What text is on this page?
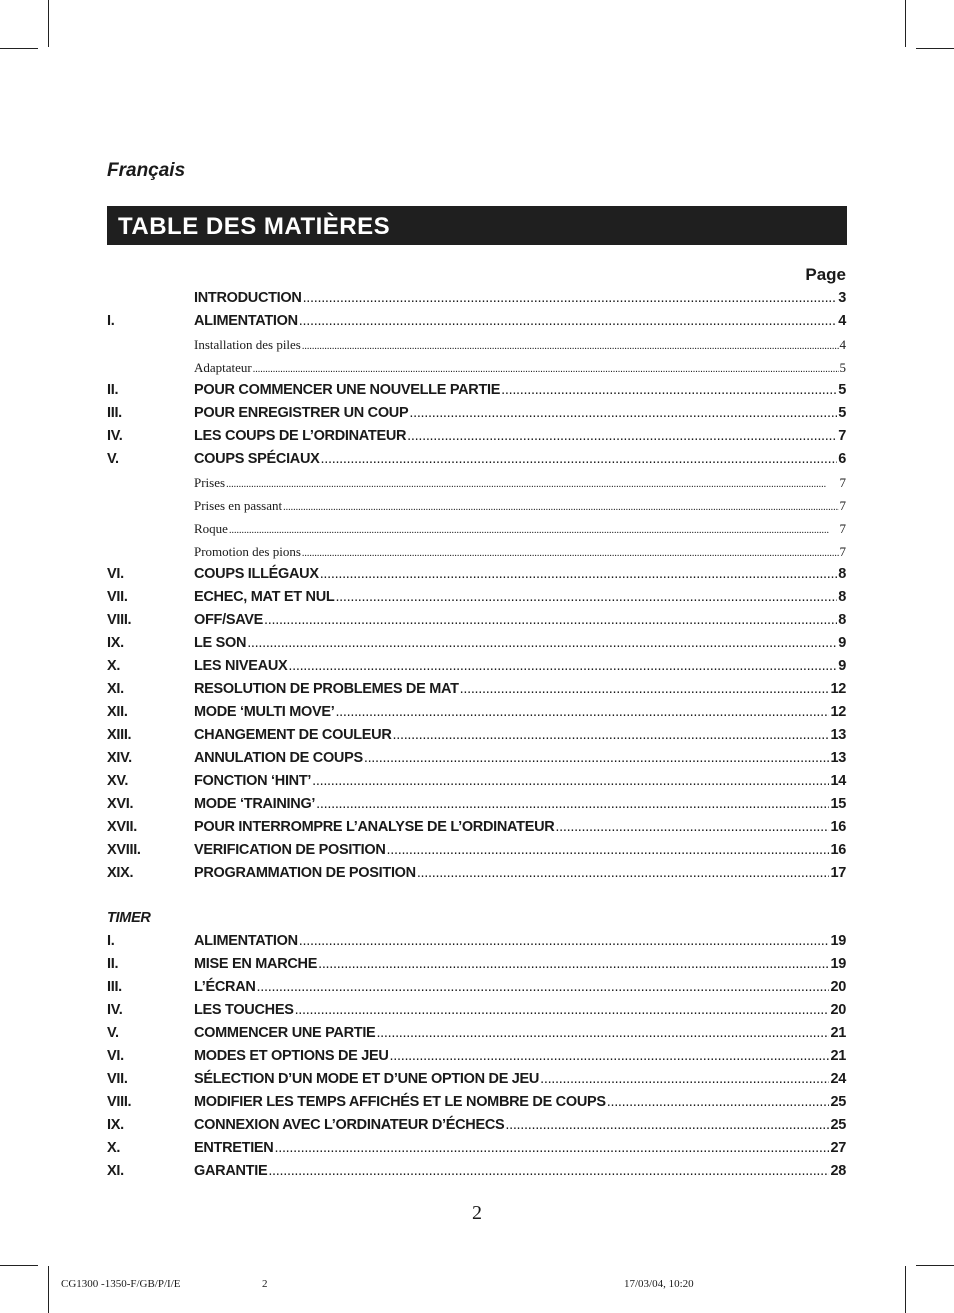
Français
TABLE DES MATIÈRES
Page
INTRODUCTION .....	3
I.	ALIMENTATION .....	4
Installation des piles .....	4
Adaptateur .....	5
II.	POUR COMMENCER UNE NOUVELLE PARTIE .....	5
III.	POUR ENREGISTRER UN COUP .....	5
IV.	LES COUPS DE L’ORDINATEUR .....	7
V.	COUPS SPÉCIAUX .....	6
Prises .....	7
Prises en passant .....	7
Roque .....	7
Promotion des pions .....	7
VI.	COUPS ILLÉGAUX .....	8
VII.	ECHEC, MAT ET NUL .....	8
VIII.	OFF/SAVE .....	8
IX.	LE SON .....	9
X.	LES NIVEAUX .....	9
XI.	RESOLUTION DE PROBLEMES DE MAT .....	12
XII.	MODE ‘MULTI MOVE’ .....	12
XIII.	CHANGEMENT DE COULEUR .....	13
XIV.	ANNULATION DE COUPS .....	13
XV.	FONCTION ‘HINT’ .....	14
XVI.	MODE ‘TRAINING’ .....	15
XVII.	POUR INTERROMPRE L’ANALYSE DE L’ORDINATEUR .....	16
XVIII.	VERIFICATION DE POSITION .....	16
XIX.	PROGRAMMATION DE POSITION .....	17
TIMER
I.	ALIMENTATION .....	19
II.	MISE EN MARCHE .....	19
III.	L’ÉCRAN .....	20
IV.	LES TOUCHES .....	20
V.	COMMENCER UNE PARTIE .....	21
VI.	MODES ET OPTIONS DE JEU .....	21
VII.	SÉLECTION D’UN MODE ET D’UNE OPTION DE JEU .....	24
VIII.	MODIFIER LES TEMPS AFFICHÉS ET LE NOMBRE DE COUPS .....	25
IX.	CONNEXION AVEC L’ORDINATEUR D’ÉCHECS .....	25
X.	ENTRETIEN .....	27
XI.	GARANTIE .....	28
2
CG1300 -1350-F/GB/P/I/E	2	17/03/04, 10:20
